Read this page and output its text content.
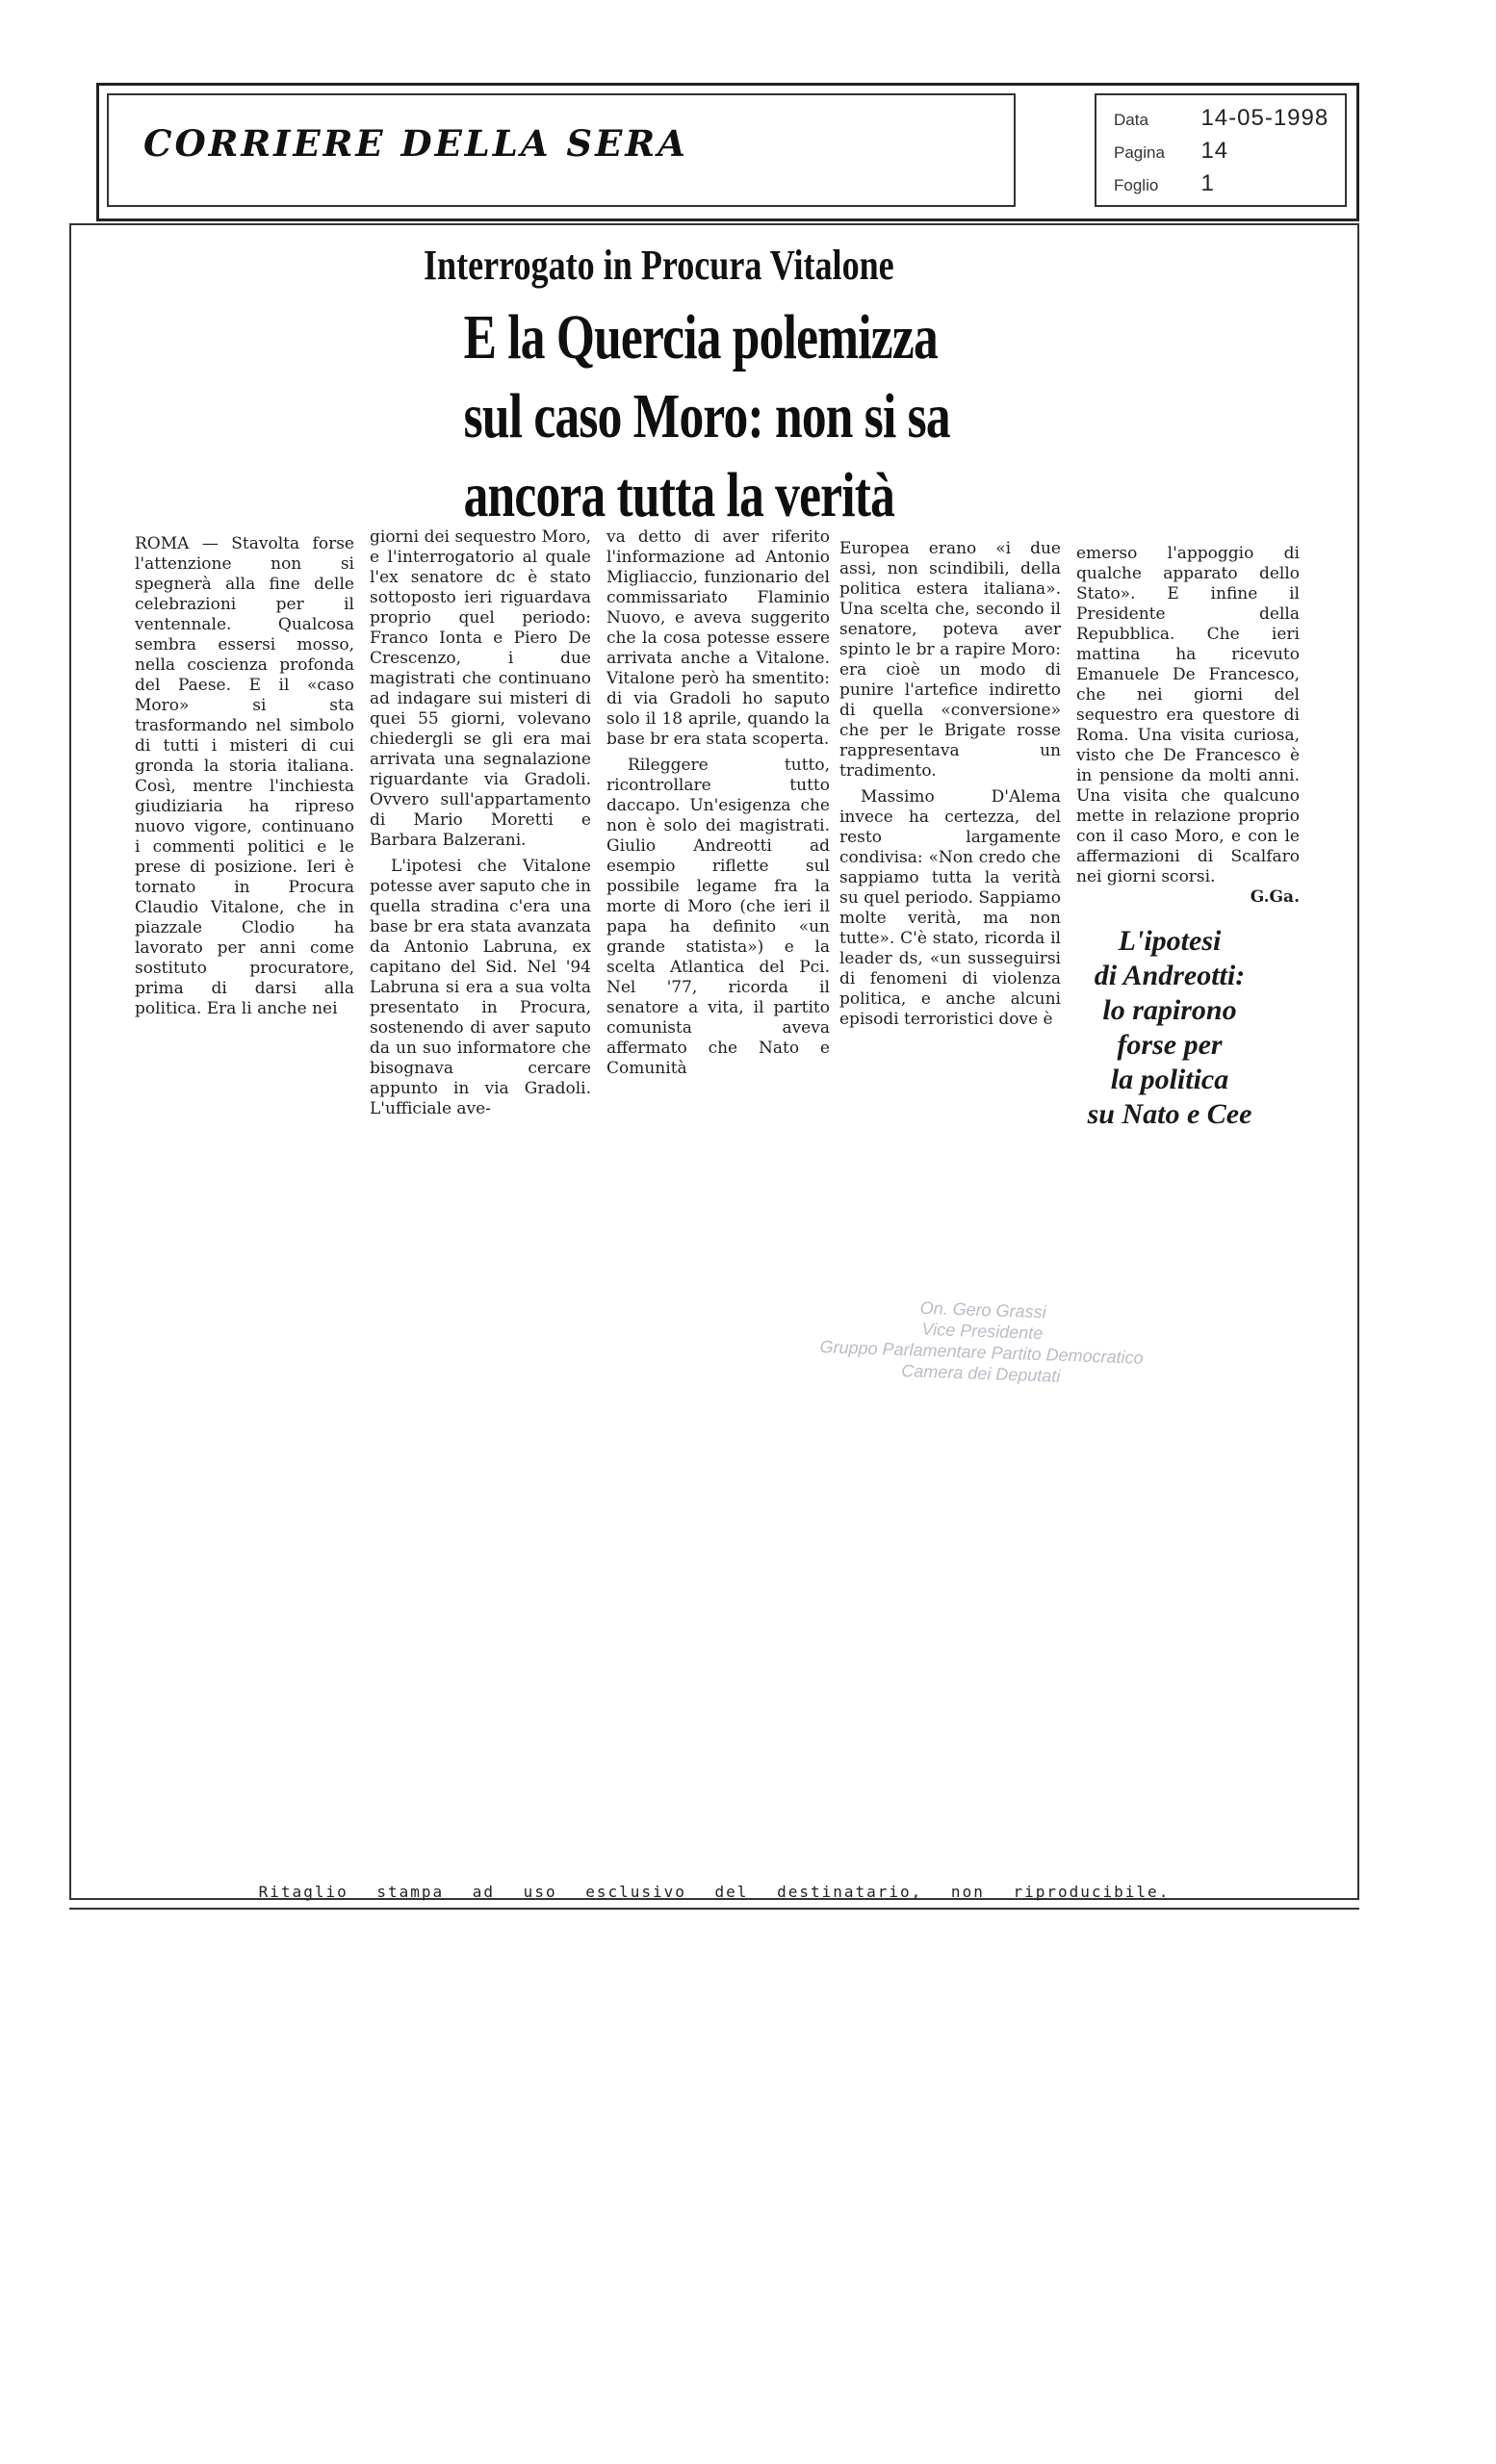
CORRIERE DELLA SERA
Data 14-05-1998
Pagina 14
Foglio 1
Interrogato in Procura Vitalone
E la Quercia polemizza
sul caso Moro: non si sa
ancora tutta la verità

ROMA — Stavolta forse l'attenzione non si spegnerà alla fine delle celebrazioni per il ventennale. Qualcosa sembra essersi mosso, nella coscienza profonda del Paese. E il «caso Moro» si sta trasformando nel simbolo di tutti i misteri di cui gronda la storia italiana. Così, mentre l'inchiesta giudiziaria ha ripreso nuovo vigore, continuano i commenti politici e le prese di posizione. Ieri è tornato in Procura Claudio Vitalone, che in piazzale Clodio ha lavorato per anni come sostituto procuratore, prima di darsi alla politica. Era li anche nei

giorni dei sequestro Moro, e l'interrogatorio al quale l'ex senatore dc è stato sottoposto ieri riguardava proprio quel periodo: Franco Ionta e Piero De Crescenzo, i due magistrati che continuano ad indagare sui misteri di quei 55 giorni, volevano chiedergli se gli era mai arrivata una segnalazione riguardante via Gradoli. Ovvero sull'appartamento di Mario Moretti e Barbara Balzerani.

L'ipotesi che Vitalone potesse aver saputo che in quella stradina c'era una base br era stata avanzata da Antonio Labruna, ex capitano del Sid. Nel '94 Labruna si era a sua volta presentato in Procura, sostenendo di aver saputo da un suo informatore che bisognava cercare appunto in via Gradoli. L'ufficiale ave-

va detto di aver riferito l'informazione ad Antonio Migliaccio, funzionario del commissariato Flaminio Nuovo, e aveva suggerito che la cosa potesse essere arrivata anche a Vitalone. Vitalone però ha smentito: di via Gradoli ho saputo solo il 18 aprile, quando la base br era stata scoperta.

Rileggere tutto, ricontrollare tutto daccapo. Un'esigenza che non è solo dei magistrati. Giulio Andreotti ad esempio riflette sul possibile legame fra la morte di Moro (che ieri il papa ha definito «un grande statista») e la scelta Atlantica del Pci. Nel '77, ricorda il senatore a vita, il partito comunista aveva affermato che Nato e Comunità

Europea erano «i due assi, non scindibili, della politica estera italiana». Una scelta che, secondo il senatore, poteva aver spinto le br a rapire Moro: era cioè un modo di punire l'artefice indiretto di quella «conversione» che per le Brigate rosse rappresentava un tradimento.

Massimo D'Alema invece ha certezza, del resto largamente condivisa: «Non credo che sappiamo tutta la verità su quel periodo. Sappiamo molte verità, ma non tutte». C'è stato, ricorda il leader ds, «un susseguirsi di fenomeni di violenza politica, e anche alcuni episodi terroristici dove è

emerso l'appoggio di qualche apparato dello Stato». E infine il Presidente della Repubblica. Che ieri mattina ha ricevuto Emanuele De Francesco, che nei giorni del sequestro era questore di Roma. Una visita curiosa, visto che De Francesco è in pensione da molti anni. Una visita che qualcuno mette in relazione proprio con il caso Moro, e con le affermazioni di Scalfaro nei giorni scorsi.

G.Ga.

L'ipotesi
di Andreotti:
lo rapirono
forse per
la politica
su Nato e Cee
On. Gero Grassi
Vice Presidente
Gruppo Parlamentare Partito Democratico
Camera dei Deputati
Ritaglio stampa ad uso esclusivo del destinatario, non riproducibile.
